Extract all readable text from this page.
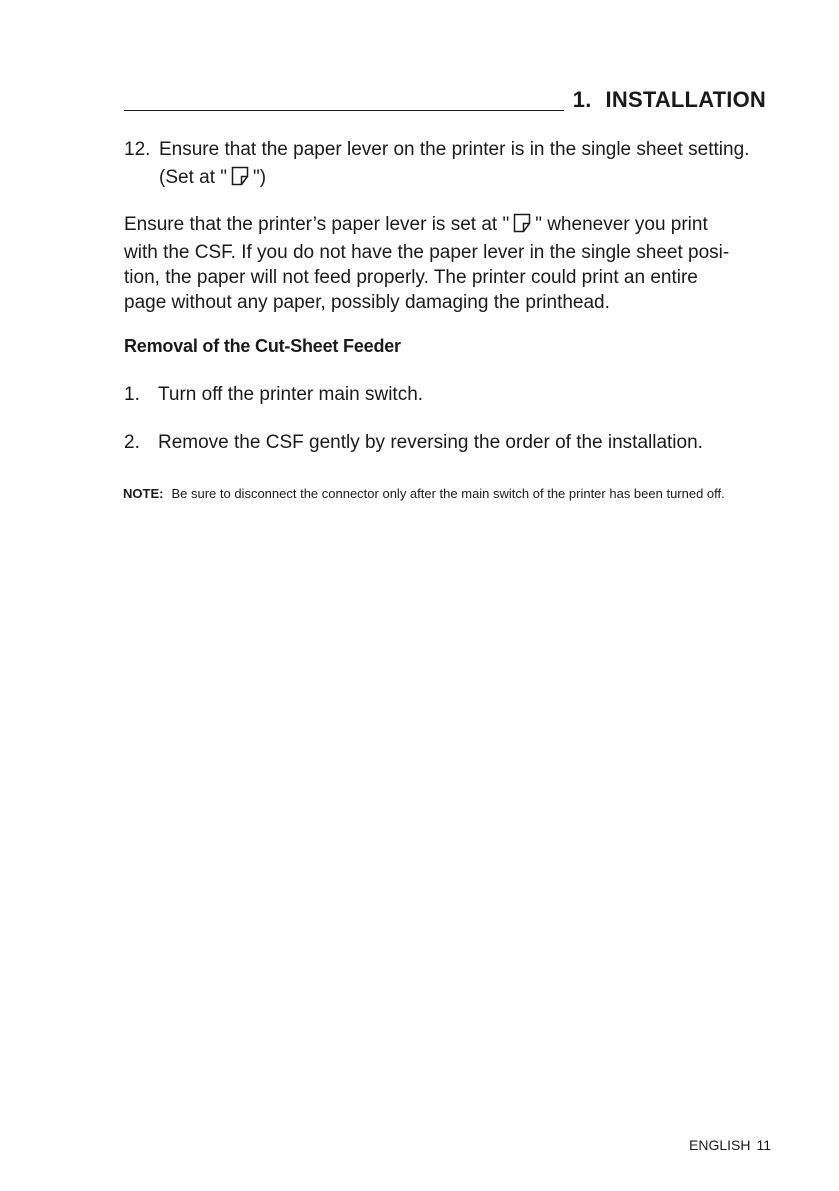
1. INSTALLATION
12. Ensure that the paper lever on the printer is in the single sheet setting.
(Set at " ")
Ensure that the printer’s paper lever is set at " " whenever you print with the CSF. If you do not have the paper lever in the single sheet posi-tion, the paper will not feed properly. The printer could print an entire page without any paper, possibly damaging the printhead.
Removal of the Cut-Sheet Feeder
1. Turn off the printer main switch.
2. Remove the CSF gently by reversing the order of the installation.
NOTE: Be sure to disconnect the connector only after the main switch of the printer has been turned off.
ENGLISH 11
